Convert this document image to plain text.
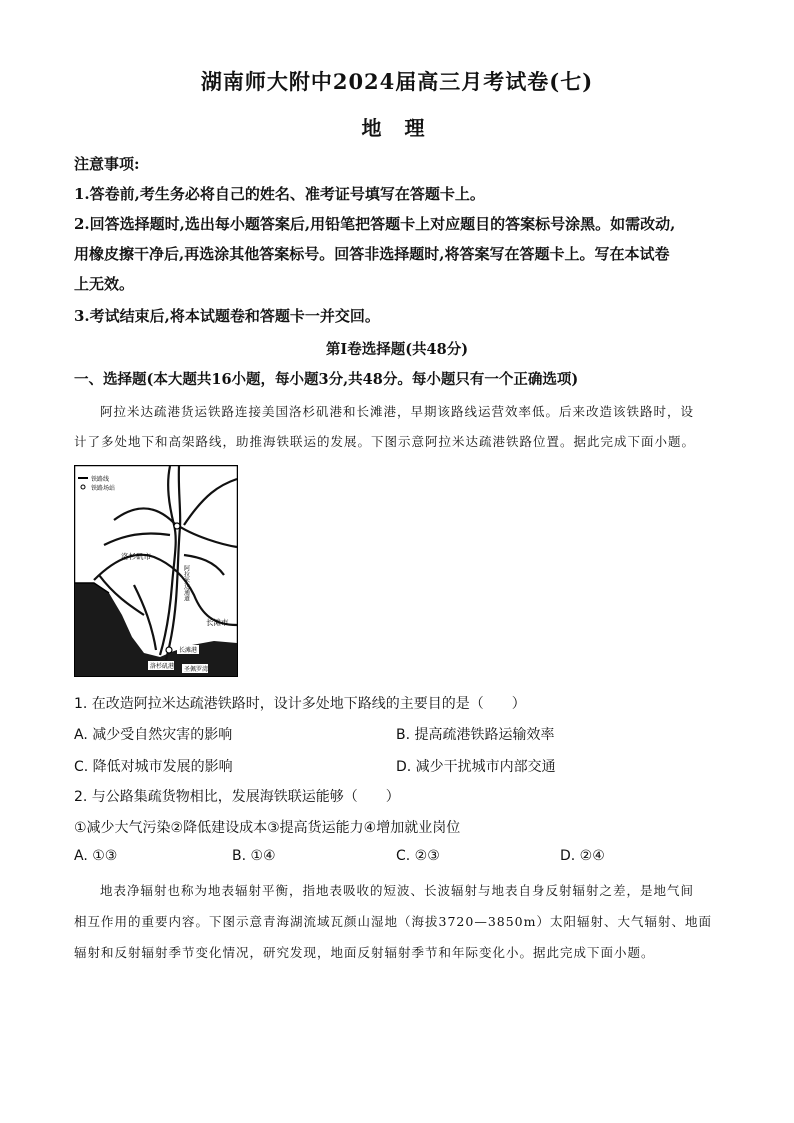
湖南师大附中2024届高三月考试卷(七)
地 理
注意事项:
1.答卷前,考生务必将自己的姓名、准考证号填写在答题卡上。
2.回答选择题时,选出每小题答案后,用铅笔把答题卡上对应题目的答案标号涂黑。如需改动,
用橡皮擦干净后,再选涂其他答案标号。回答非选择题时,将答案写在答题卡上。写在本试卷
上无效。
3.考试结束后,将本试题卷和答题卡一并交回。
第I卷选择题(共48分)
一、选择题(本大题共16小题，每小题3分,共48分。每小题只有一个正确选项)
阿拉米达疏港货运铁路连接美国洛杉矶港和长滩港，早期该路线运营效率低。后来改造该铁路时，设
计了多处地下和高架路线，助推海铁联运的发展。下图示意阿拉米达疏港铁路位置。据此完成下面小题。
铁路线
铁路场站
洛杉矶市
长滩市
阿拉米达通道
洛杉矶港
长滩港
圣佩罗湾
1. 在改造阿拉米达疏港铁路时，设计多处地下路线的主要目的是（　　）
A. 减少受自然灾害的影响	B. 提高疏港铁路运输效率
C. 降低对城市发展的影响	D. 减少干扰城市内部交通
2. 与公路集疏货物相比，发展海铁联运能够（　　）
①减少大气污染②降低建设成本③提高货运能力④增加就业岗位
A. ①③	B. ①④	C. ②③	D. ②④
地表净辐射也称为地表辐射平衡，指地表吸收的短波、长波辐射与地表自身反射辐射之差，是地气间
相互作用的重要内容。下图示意青海湖流域瓦颜山湿地（海拔3720—3850m）太阳辐射、大气辐射、地面
辐射和反射辐射季节变化情况，研究发现，地面反射辐射季节和年际变化小。据此完成下面小题。
